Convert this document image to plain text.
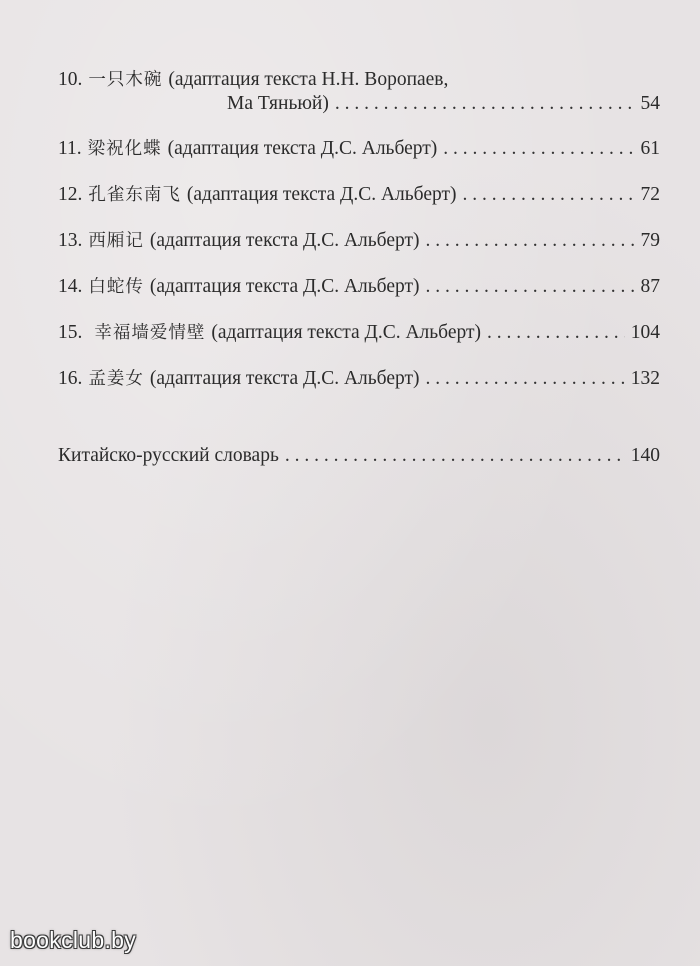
10. 一只木碗 (адаптация текста Н.Н. Воропаев,
Ма Тяньюй) . . .	54
11. 梁祝化蝶 (адаптация текста Д.С. Альберт) . . .	61
12. 孔雀东南飞 (адаптация текста Д.С. Альберт) . . .	72
13. 西厢记 (адаптация текста Д.С. Альберт) . . .	79
14. 白蛇传 (адаптация текста Д.С. Альберт) . . .	87
15. 幸福墙爱情壁 (адаптация текста Д.С. Альберт) . . .	104
16. 孟姜女 (адаптация текста Д.С. Альберт) . . .	132
Китайско-русский словарь . . .	140
bookclub.by
